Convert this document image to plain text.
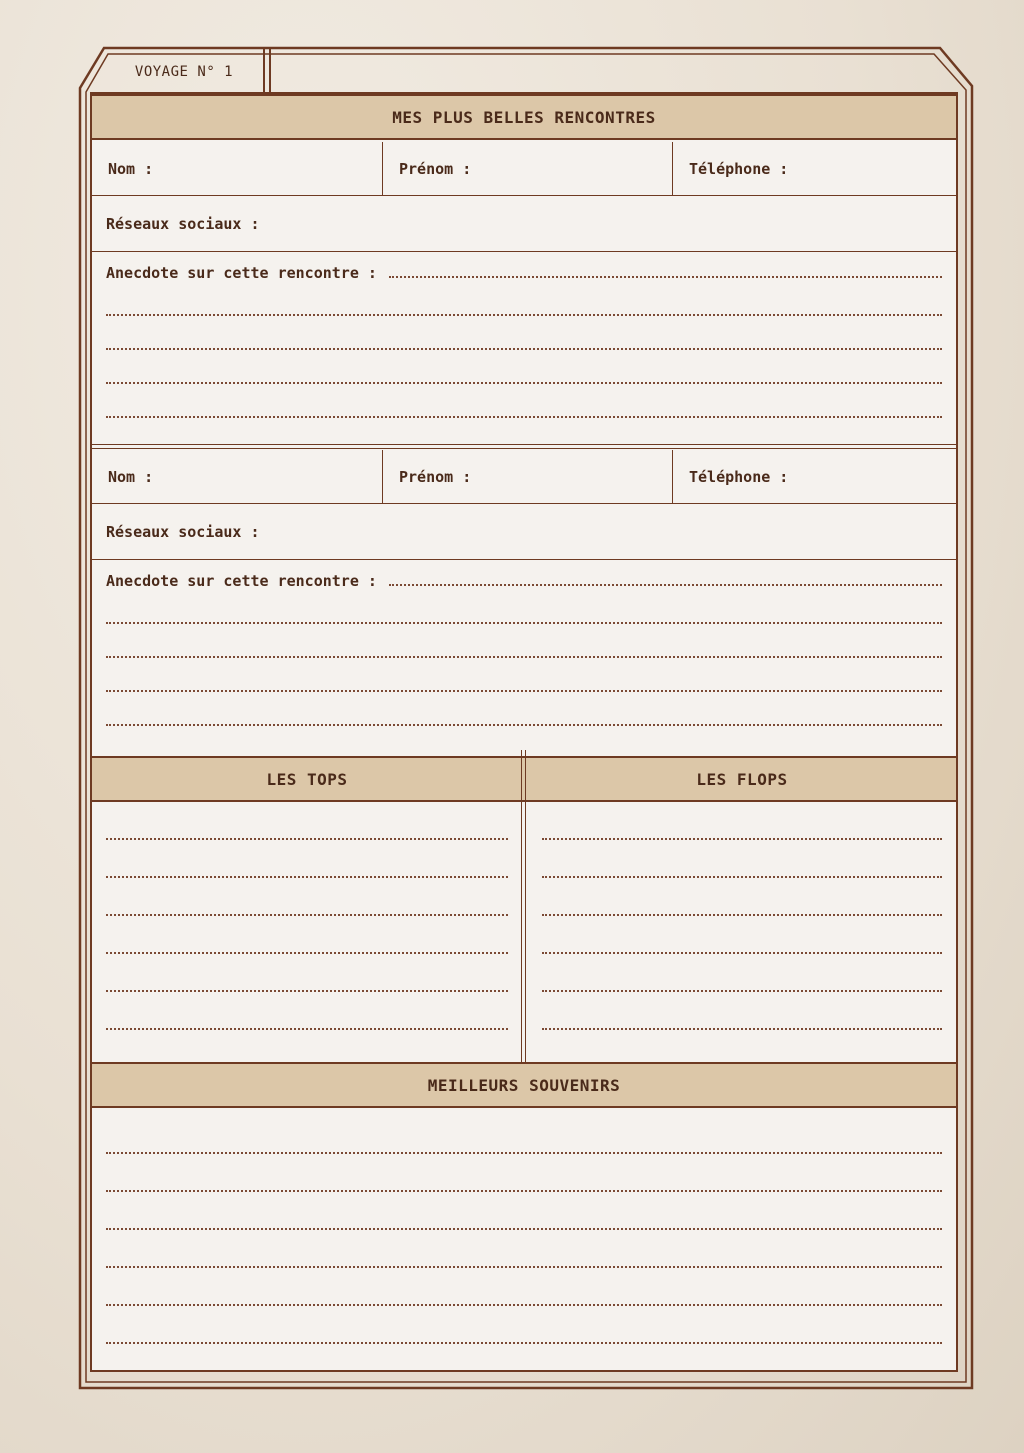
VOYAGE N° 1
MES PLUS BELLES RENCONTRES
Nom :	Prénom :	Téléphone :
Réseaux sociaux :
Anecdote sur cette rencontre :
Nom :	Prénom :	Téléphone :
Réseaux sociaux :
Anecdote sur cette rencontre :
LES TOPS	LES FLOPS
MEILLEURS SOUVENIRS
